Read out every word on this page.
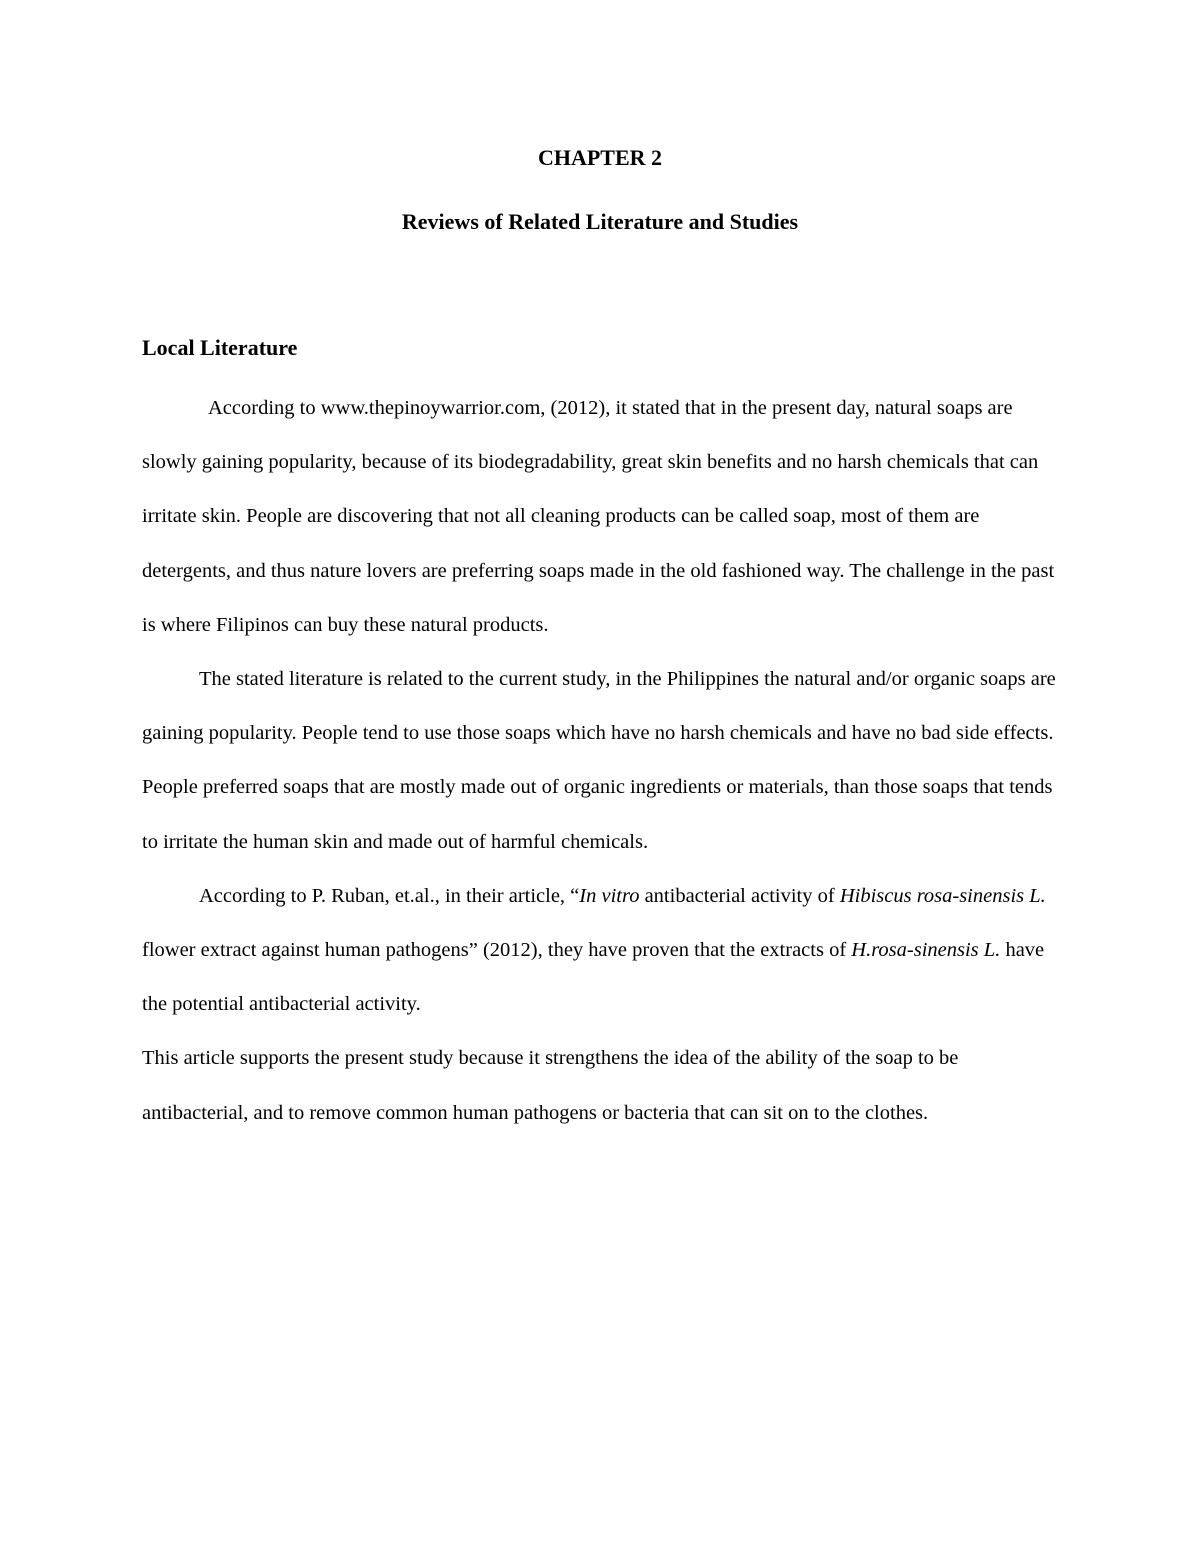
CHAPTER 2
Reviews of Related Literature and Studies
Local Literature

According to www.thepinoywarrior.com, (2012), it stated that in the present day, natural soaps are slowly gaining popularity, because of its biodegradability, great skin benefits and no harsh chemicals that can irritate skin. People are discovering that not all cleaning products can be called soap, most of them are detergents, and thus nature lovers are preferring soaps made in the old fashioned way. The challenge in the past is where Filipinos can buy these natural products.

The stated literature is related to the current study, in the Philippines the natural and/or organic soaps are gaining popularity. People tend to use those soaps which have no harsh chemicals and have no bad side effects. People preferred soaps that are mostly made out of organic ingredients or materials, than those soaps that tends to irritate the human skin and made out of harmful chemicals.

According to P. Ruban, et.al., in their article, “In vitro antibacterial activity of Hibiscus rosa-sinensis L. flower extract against human pathogens” (2012), they have proven that the extracts of H.rosa-sinensis L. have the potential antibacterial activity.

This article supports the present study because it strengthens the idea of the ability of the soap to be antibacterial, and to remove common human pathogens or bacteria that can sit on to the clothes.
